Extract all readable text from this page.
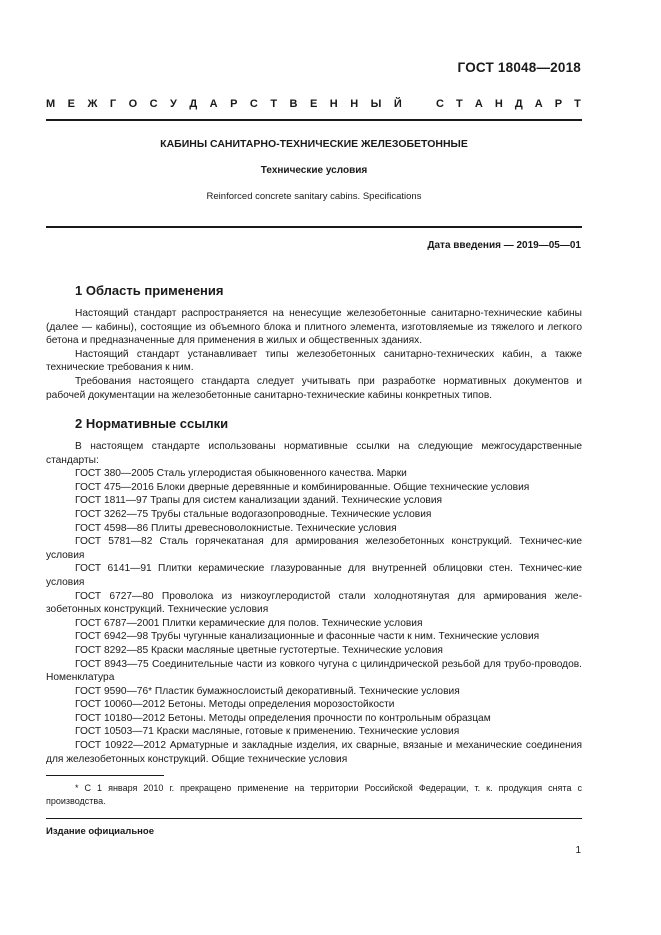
ГОСТ 18048—2018
М Е Ж Г О С У Д А Р С Т В Е Н Н Ы Й	С Т А Н Д А Р Т
КАБИНЫ САНИТАРНО-ТЕХНИЧЕСКИЕ ЖЕЛЕЗОБЕТОННЫЕ
Технические условия
Reinforced concrete sanitary cabins. Specifications
Дата введения — 2019—05—01
1 Область применения

Настоящий стандарт распространяется на ненесущие железобетонные санитарно-технические кабины (далее — кабины), состоящие из объемного блока и плитного элемента, изготовляемые из тяжелого и легкого бетона и предназначенные для применения в жилых и общественных зданиях.

Настоящий стандарт устанавливает типы железобетонных санитарно-технических кабин, а также технические требования к ним.

Требования настоящего стандарта следует учитывать при разработке нормативных документов и рабочей документации на железобетонные санитарно-технические кабины конкретных типов.

2 Нормативные ссылки

В настоящем стандарте использованы нормативные ссылки на следующие межгосударственные стандарты:

ГОСТ 380—2005 Сталь углеродистая обыкновенного качества. Марки

ГОСТ 475—2016 Блоки дверные деревянные и комбинированные. Общие технические условия

ГОСТ 1811—97 Трапы для систем канализации зданий. Технические условия

ГОСТ 3262—75 Трубы стальные водогазопроводные. Технические условия

ГОСТ 4598—86 Плиты древесноволокнистые. Технические условия

ГОСТ 5781—82 Сталь горячекатаная для армирования железобетонных конструкций. Техничес-кие условия

ГОСТ 6141—91 Плитки керамические глазурованные для внутренней облицовки стен. Техничес-кие условия

ГОСТ 6727—80 Проволока из низкоуглеродистой стали холоднотянутая для армирования желе-зобетонных конструкций. Технические условия

ГОСТ 6787—2001 Плитки керамические для полов. Технические условия

ГОСТ 6942—98 Трубы чугунные канализационные и фасонные части к ним. Технические условия

ГОСТ 8292—85 Краски масляные цветные густотертые. Технические условия

ГОСТ 8943—75 Соединительные части из ковкого чугуна с цилиндрической резьбой для трубо-проводов. Номенклатура

ГОСТ 9590—76* Пластик бумажнослоистый декоративный. Технические условия

ГОСТ 10060—2012 Бетоны. Методы определения морозостойкости

ГОСТ 10180—2012 Бетоны. Методы определения прочности по контрольным образцам

ГОСТ 10503—71 Краски масляные, готовые к применению. Технические условия

ГОСТ 10922—2012 Арматурные и закладные изделия, их сварные, вязаные и механические соединения для железобетонных конструкций. Общие технические условия

* С 1 января 2010 г. прекращено применение на территории Российской Федерации, т. к. продукция снята с производства.

Издание официальное
1
